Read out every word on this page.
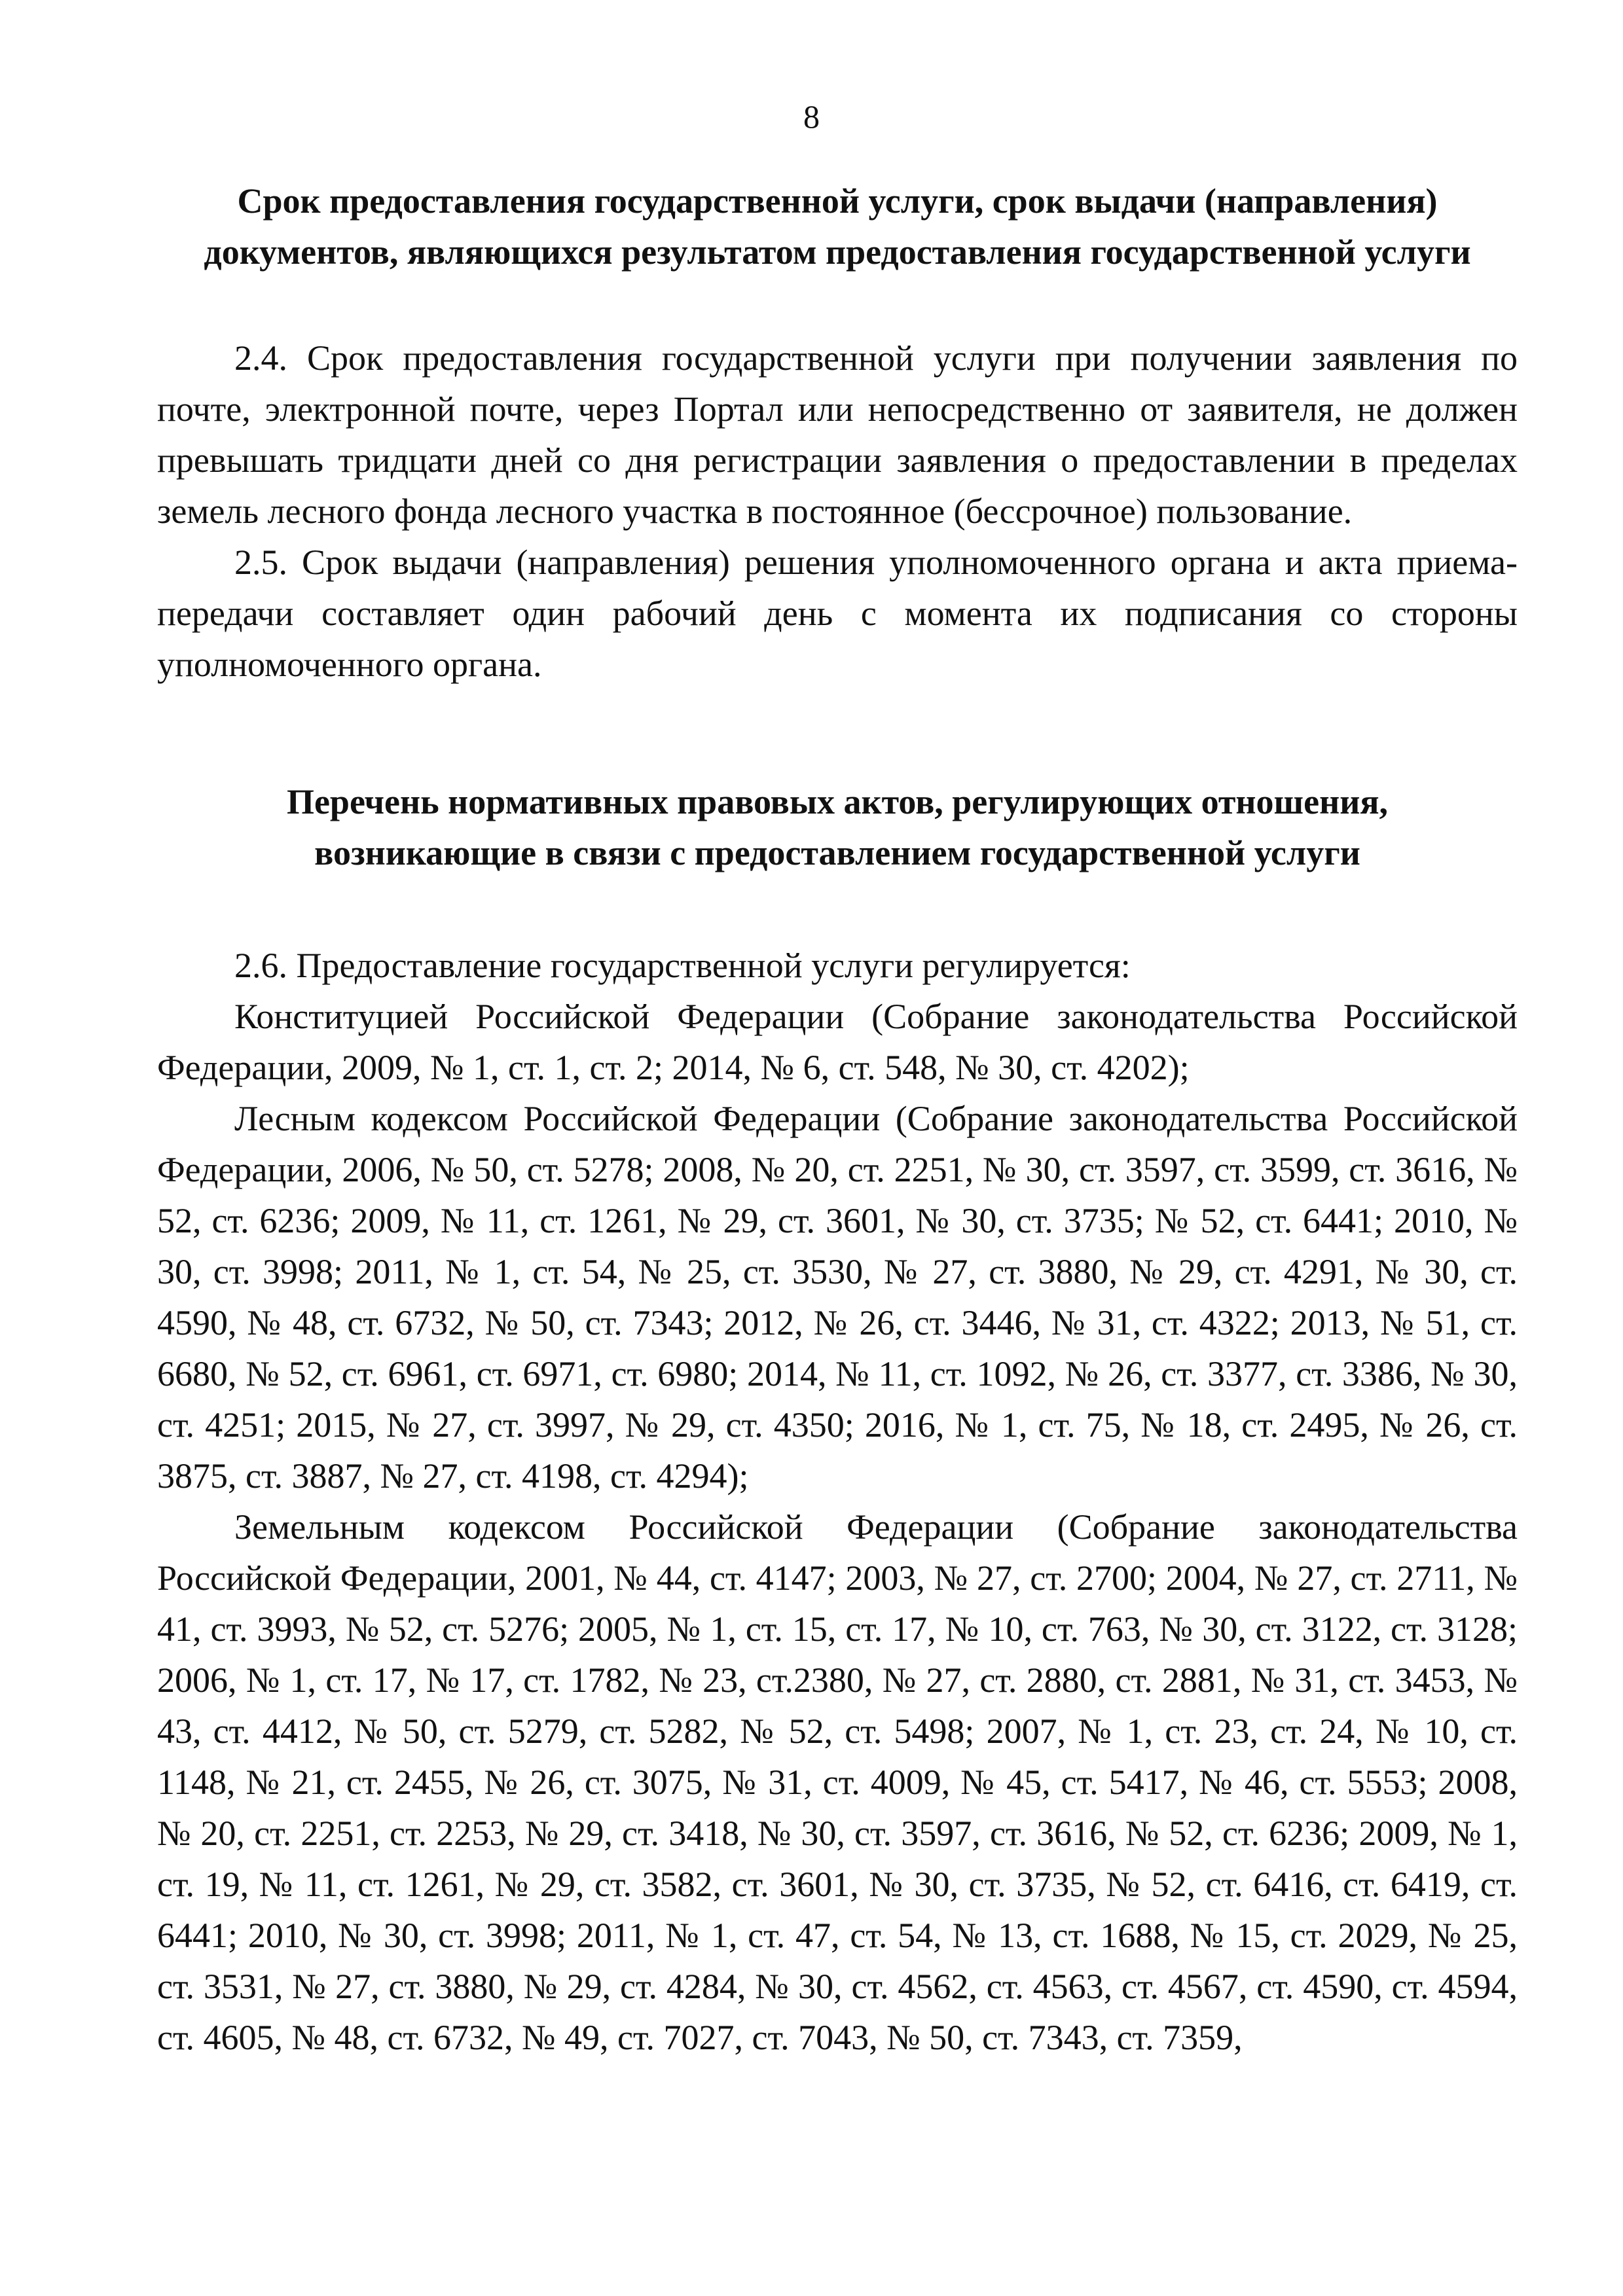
8
Срок предоставления государственной услуги, срок выдачи (направления) документов, являющихся результатом предоставления государственной услуги

2.4. Срок предоставления государственной услуги при получении заявления по почте, электронной почте, через Портал или непосредственно от заявителя, не должен превышать тридцати дней со дня регистрации заявления о предоставлении в пределах земель лесного фонда лесного участка в постоянное (бессрочное) пользование.

2.5. Срок выдачи (направления) решения уполномоченного органа и акта приема-передачи составляет один рабочий день с момента их подписания со стороны уполномоченного органа.

Перечень нормативных правовых актов, регулирующих отношения, возникающие в связи с предоставлением государственной услуги

2.6. Предоставление государственной услуги регулируется:

Конституцией Российской Федерации (Собрание законодательства Российской Федерации, 2009, № 1, ст. 1, ст. 2; 2014, № 6, ст. 548, № 30, ст. 4202);

Лесным кодексом Российской Федерации (Собрание законодательства Российской Федерации, 2006, № 50, ст. 5278; 2008, № 20, ст. 2251, № 30, ст. 3597, ст. 3599, ст. 3616, № 52, ст. 6236; 2009, № 11, ст. 1261, № 29, ст. 3601, № 30, ст. 3735; № 52, ст. 6441; 2010, № 30, ст. 3998; 2011, № 1, ст. 54, № 25, ст. 3530, № 27, ст. 3880, № 29, ст. 4291, № 30, ст. 4590, № 48, ст. 6732, № 50, ст. 7343; 2012, № 26, ст. 3446, № 31, ст. 4322; 2013, № 51, ст. 6680, № 52, ст. 6961, ст. 6971, ст. 6980; 2014, № 11, ст. 1092, № 26, ст. 3377, ст. 3386, № 30, ст. 4251; 2015, № 27, ст. 3997, № 29, ст. 4350; 2016, № 1, ст. 75, № 18, ст. 2495, № 26, ст. 3875, ст. 3887, № 27, ст. 4198, ст. 4294);

Земельным кодексом Российской Федерации (Собрание законодательства Российской Федерации, 2001, № 44, ст. 4147; 2003, № 27, ст. 2700; 2004, № 27, ст. 2711, № 41, ст. 3993, № 52, ст. 5276; 2005, № 1, ст. 15, ст. 17, № 10, ст. 763, № 30, ст. 3122, ст. 3128; 2006, № 1, ст. 17, № 17, ст. 1782, № 23, ст.2380, № 27, ст. 2880, ст. 2881, № 31, ст. 3453, № 43, ст. 4412, № 50, ст. 5279, ст. 5282, № 52, ст. 5498; 2007, № 1, ст. 23, ст. 24, № 10, ст. 1148, № 21, ст. 2455, № 26, ст. 3075, № 31, ст. 4009, № 45, ст. 5417, № 46, ст. 5553; 2008, № 20, ст. 2251, ст. 2253, № 29, ст. 3418, № 30, ст. 3597, ст. 3616, № 52, ст. 6236; 2009, № 1, ст. 19, № 11, ст. 1261, № 29, ст. 3582, ст. 3601, № 30, ст. 3735, № 52, ст. 6416, ст. 6419, ст. 6441; 2010, № 30, ст. 3998; 2011, № 1, ст. 47, ст. 54, № 13, ст. 1688, № 15, ст. 2029, № 25, ст. 3531, № 27, ст. 3880, № 29, ст. 4284, № 30, ст. 4562, ст. 4563, ст. 4567, ст. 4590, ст. 4594, ст. 4605, № 48, ст. 6732, № 49, ст. 7027, ст. 7043, № 50, ст. 7343, ст. 7359,
